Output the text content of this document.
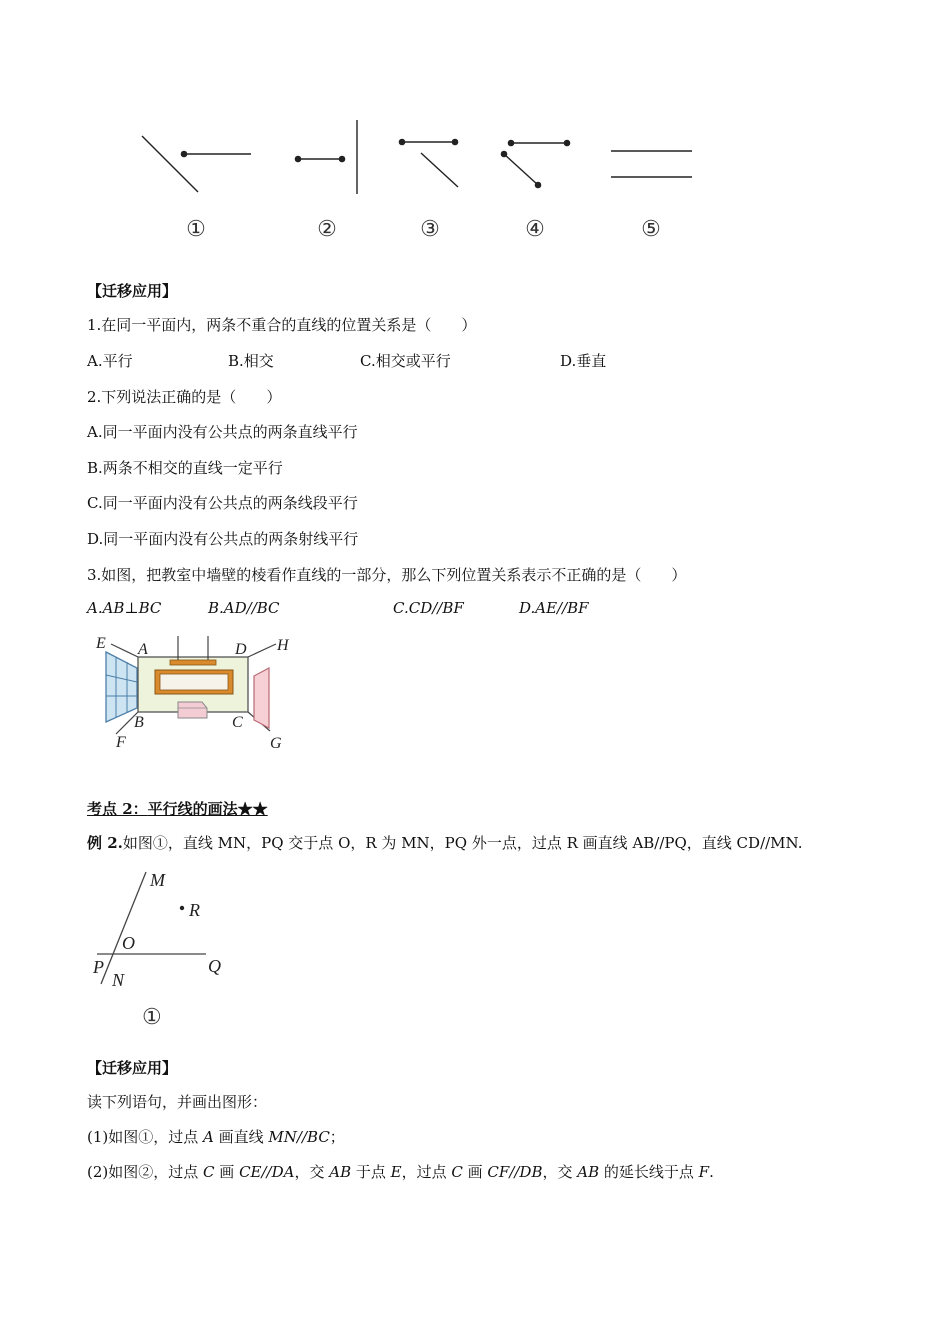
①	②	③	④	⑤
【迁移应用】
1.在同一平面内，两条不重合的直线的位置关系是（　　）
A.平行	B.相交	C.相交或平行	D.垂直
2.下列说法正确的是（　　）
A.同一平面内没有公共点的两条直线平行
B.两条不相交的直线一定平行
C.同一平面内没有公共点的两条线段平行
D.同一平面内没有公共点的两条射线平行
3.如图，把教室中墙壁的棱看作直线的一部分，那么下列位置关系表示不正确的是（　　）
A.AB⊥BC	B.AD//BC	C.CD//BF	D.AE//BF
E A	D H
B	C
F	G
考点 2：平行线的画法★★
例 2.如图①，直线 MN，PQ 交于点 O，R 为 MN，PQ 外一点，过点 R 画直线 AB//PQ，直线 CD//MN.
M
R
O
P
N
Q
①
【迁移应用】
读下列语句，并画出图形：
(1)如图①，过点 A 画直线 MN//BC；
(2)如图②，过点 C 画 CE//DA，交 AB 于点 E，过点 C 画 CF//DB，交 AB 的延长线于点 F.
